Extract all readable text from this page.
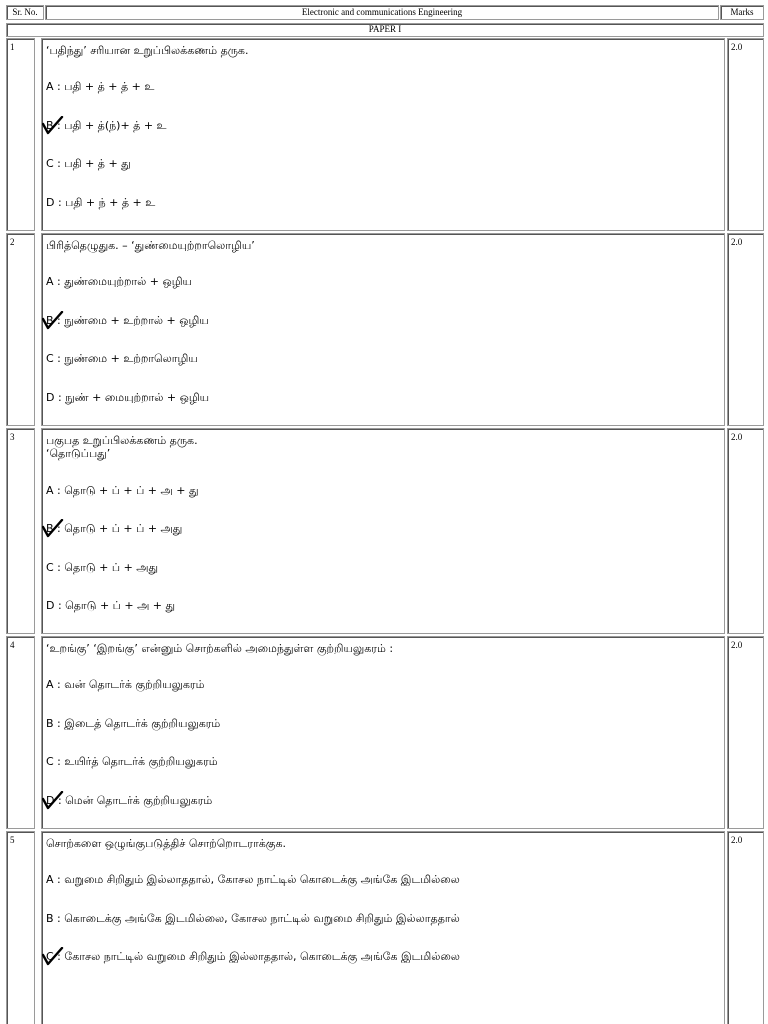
Sr. No.	Electronic and communications Engineering	Marks
PAPER I
1	‘பதிந்து’ சரியான உறுப்பிலக்கணம் தருக.
A : பதி + த் + த் + உ
B : பதி + த்(ந்)+ த் + உ
C : பதி + த் + து
D : பதி + ந் + த் + உ
2.0
2	பிரித்தெழுதுக. – ‘துண்மையுற்றாலொழிய’
A : துண்மையுற்றால் + ஒழிய
B : நுண்மை + உற்றால் + ஒழிய
C : நுண்மை + உற்றாலொழிய
D : நுண் + மையுற்றால் + ஒழிய
2.0
3	பகுபத உறுப்பிலக்கணம் தருக.
‘தொடுப்பது’
A : தொடு + ப் + ப் + அ + து
B : தொடு + ப் + ப் + அது
C : தொடு + ப் + அது
D : தொடு + ப் + அ + து
2.0
4	‘உறங்கு’ ‘இறங்கு’ என்னும் சொற்களில் அமைந்துள்ள குற்றியலுகரம் :
A : வன் தொடர்க் குற்றியலுகரம்
B : இடைத் தொடர்க் குற்றியலுகரம்
C : உயிர்த் தொடர்க் குற்றியலுகரம்
D : மென் தொடர்க் குற்றியலுகரம்
2.0
5	சொற்களை ஒழுங்குபடுத்திச் சொற்றொடராக்குக.
A : வறுமை சிறிதும் இல்லாததால், கோசல நாட்டில் கொடைக்கு அங்கே இடமில்லை
B : கொடைக்கு அங்கே இடமில்லை, கோசல நாட்டில் வறுமை சிறிதும் இல்லாததால்
C : கோசல நாட்டில் வறுமை சிறிதும் இல்லாததால், கொடைக்கு அங்கே இடமில்லை
2.0
